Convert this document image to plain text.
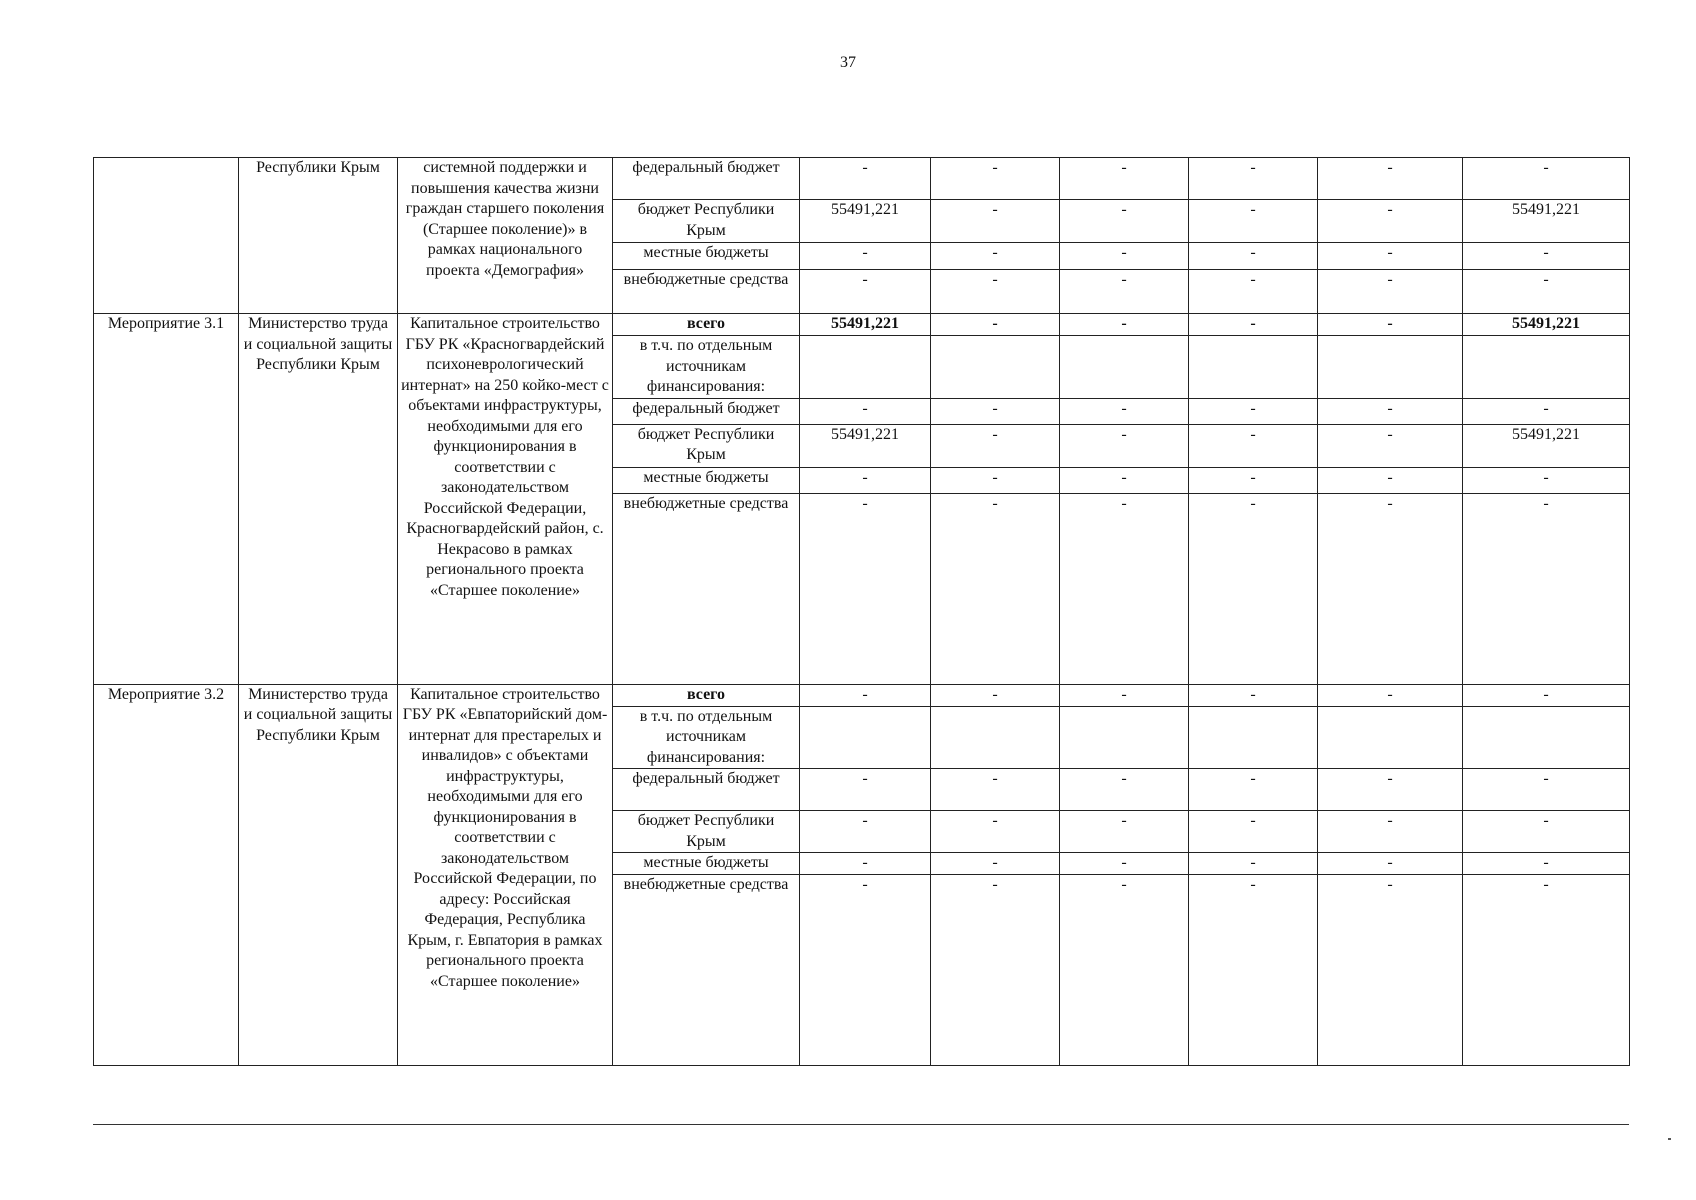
37
	Республики Крым	системной поддержки и повышения качества жизни граждан старшего поколения (Старшее поколение)» в рамках национального проекта «Демография»	федеральный бюджет	-	-	-	-	-	-
			бюджет Республики Крым	55491,221	-	-	-	-	55491,221
			местные бюджеты	-	-	-	-	-	-
			внебюджетные средства	-	-	-	-	-	-
Мероприятие 3.1	Министерство труда и социальной защиты Республики Крым	Капитальное строительство ГБУ РК «Красногвардейский психоневрологический интернат» на 250 койко-мест с объектами инфраструктуры, необходимыми для его функционирования в соответствии с законодательством Российской Федерации, Красногвардейский район, с. Некрасово в рамках регионального проекта «Старшее поколение»	всего	55491,221	-	-	-	-	55491,221
			в т.ч. по отдельным источникам финансирования:						
			федеральный бюджет	-	-	-	-	-	-
			бюджет Республики Крым	55491,221	-	-	-	-	55491,221
			местные бюджеты	-	-	-	-	-	-
			внебюджетные средства	-	-	-	-	-	-
Мероприятие 3.2	Министерство труда и социальной защиты Республики Крым	Капитальное строительство ГБУ РК «Евпаторийский дом-интернат для престарелых и инвалидов» с объектами инфраструктуры, необходимыми для его функционирования в соответствии с законодательством Российской Федерации, по адресу: Российская Федерация, Республика Крым, г. Евпатория в рамках регионального проекта «Старшее поколение»	всего	-	-	-	-	-	-
			в т.ч. по отдельным источникам финансирования:						
			федеральный бюджет	-	-	-	-	-	-
			бюджет Республики Крым	-	-	-	-	-	-
			местные бюджеты	-	-	-	-	-	-
			внебюджетные средства	-	-	-	-	-	-
